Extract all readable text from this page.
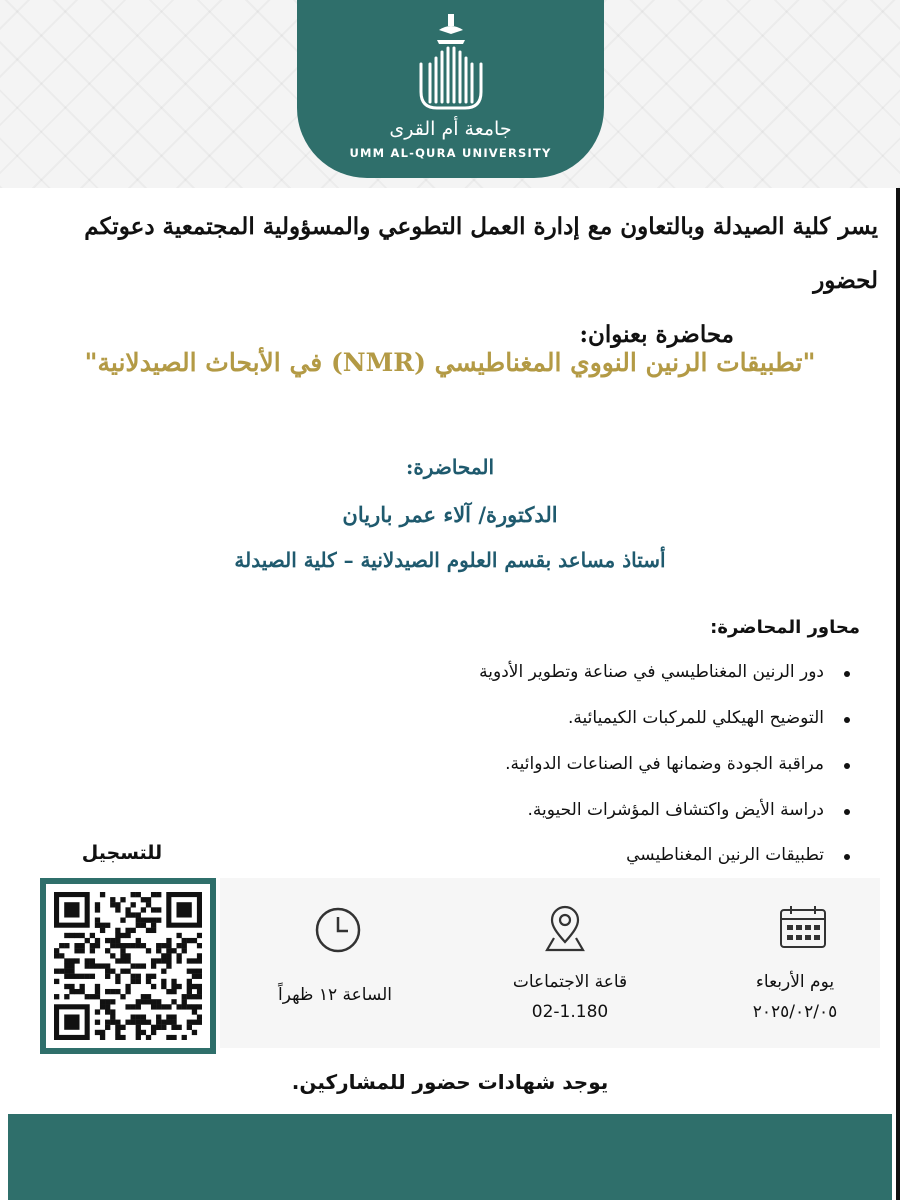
جامعة أم القرى
UMM AL-QURA UNIVERSITY
يسر كلية الصيدلة وبالتعاون مع إدارة العمل التطوعي والمسؤولية المجتمعية دعوتكم لحضور
محاضرة بعنوان:
"تطبيقات الرنين النووي المغناطيسي (NMR) في الأبحاث الصيدلانية"
المحاضرة:
الدكتورة/ آلاء عمر باريان
أستاذ مساعد بقسم العلوم الصيدلانية – كلية الصيدلة
محاور المحاضرة:
دور الرنين المغناطيسي في صناعة وتطوير الأدوية
التوضيح الهيكلي للمركبات الكيميائية.
مراقبة الجودة وضمانها في الصناعات الدوائية.
دراسة الأيض واكتشاف المؤشرات الحيوية.
تطبيقات الرنين المغناطيسي
للتسجيل
يوم الأربعاء
٢٠٢٥/٠٢/٠٥
قاعة الاجتماعات
02-1.180
الساعة ١٢ ظهراً
يوجد شهادات حضور للمشاركين.
